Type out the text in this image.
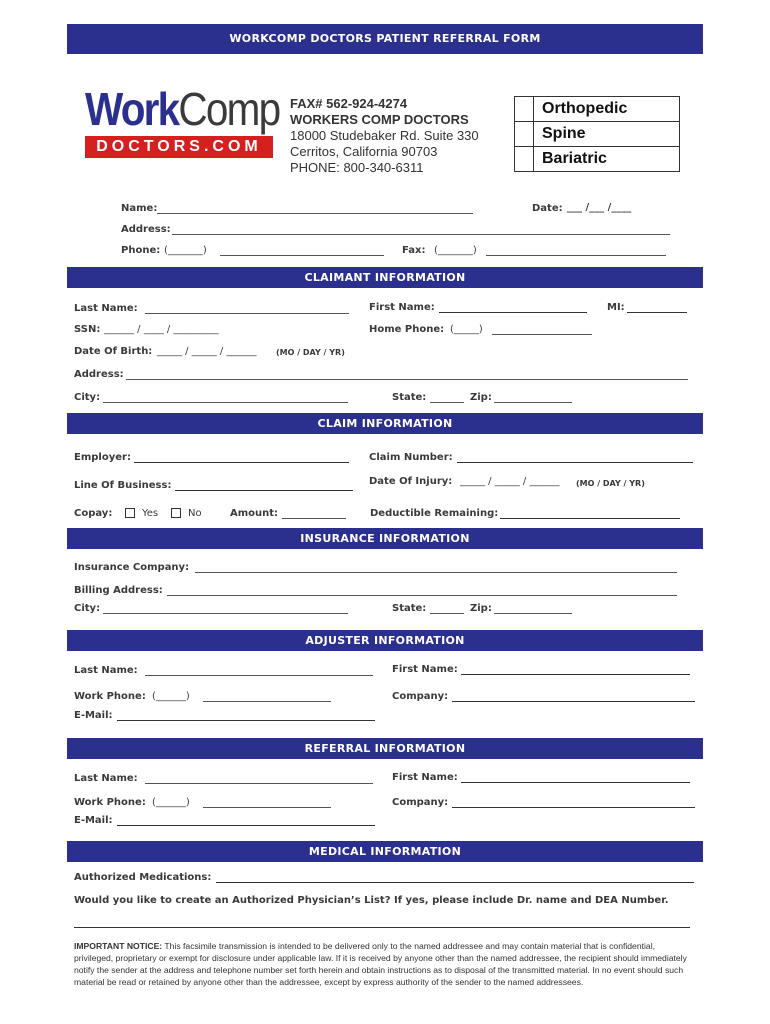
WORKCOMP DOCTORS PATIENT REFERRAL FORM
WorkComp
DOCTORS.COM
FAX# 562-924-4274
WORKERS COMP DOCTORS
18000 Studebaker Rd. Suite 330
Cerritos, California 90703
PHONE: 800-340-6311
	Orthopedic
	Spine
	Bariatric
Name:	Date: ___ /___ /____
Address:
Phone: (_______)	Fax: (_______)
CLAIMANT INFORMATION
Last Name:	First Name:	MI:
SSN: ______ / ____ / _________	Home Phone: (_____)
Date Of Birth: _____ / _____ / ______ (MO / DAY / YR)
Address:
City:	State:	Zip:
CLAIM INFORMATION
Employer:	Claim Number:
Line Of Business:	Date Of Injury: _____ / _____ / ______ (MO / DAY / YR)
Copay:	Yes	No	Amount:	Deductible Remaining:
INSURANCE INFORMATION
Insurance Company:
Billing Address:
City:	State:	Zip:
ADJUSTER INFORMATION
Last Name:	First Name:
Work Phone: (______)	Company:
E-Mail:
REFERRAL INFORMATION
Last Name:	First Name:
Work Phone: (______)	Company:
E-Mail:
MEDICAL INFORMATION
Authorized Medications:
Would you like to create an Authorized Physician’s List? If yes, please include Dr. name and DEA Number.
IMPORTANT NOTICE: This facsimile transmission is intended to be delivered only to the named addressee and may contain material that is confidential, privileged, proprietary or exempt for disclosure under applicable law. If it is received by anyone other than the named addressee, the recipient should immediately notify the sender at the address and telephone number set forth herein and obtain instructions as to disposal of the transmitted material. In no event should such material be read or retained by anyone other than the addressee, except by express authority of the sender to the named addressees.
